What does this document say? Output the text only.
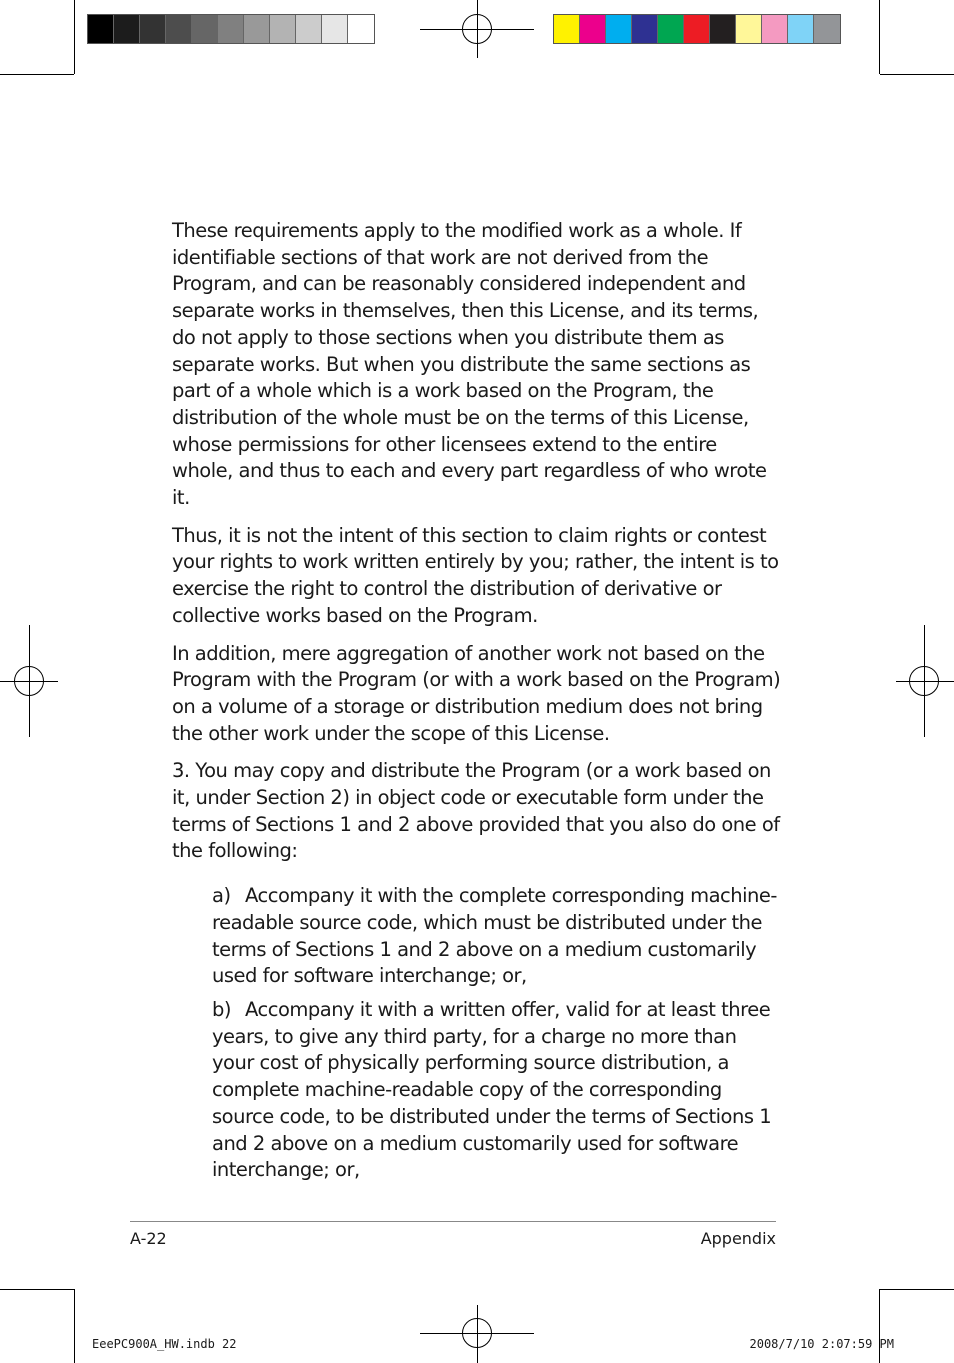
These requirements apply to the modified work as a whole. If identifiable sections of that work are not derived from the Program, and can be reasonably considered independent and separate works in themselves, then this License, and its terms, do not apply to those sections when you distribute them as separate works. But when you distribute the same sections as part of a whole which is a work based on the Program, the distribution of the whole must be on the terms of this License, whose permissions for other licensees extend to the entire whole, and thus to each and every part regardless of who wrote it.

Thus, it is not the intent of this section to claim rights or contest your rights to work written entirely by you; rather, the intent is to exercise the right to control the distribution of derivative or collective works based on the Program.

In addition, mere aggregation of another work not based on the Program with the Program (or with a work based on the Program) on a volume of a storage or distribution medium does not bring the other work under the scope of this License.

3. You may copy and distribute the Program (or a work based on it, under Section 2) in object code or executable form under the terms of Sections 1 and 2 above provided that you also do one of the following:

a) Accompany it with the complete corresponding machine-readable source code, which must be distributed under the terms of Sections 1 and 2 above on a medium customarily used for software interchange; or,

b) Accompany it with a written offer, valid for at least three years, to give any third party, for a charge no more than your cost of physically performing source distribution, a complete machine-readable copy of the corresponding source code, to be distributed under the terms of Sections 1 and 2 above on a medium customarily used for software interchange; or,

A-22	Appendix
EeePC900A_HW.indb 22	2008/7/10 2:07:59 PM
